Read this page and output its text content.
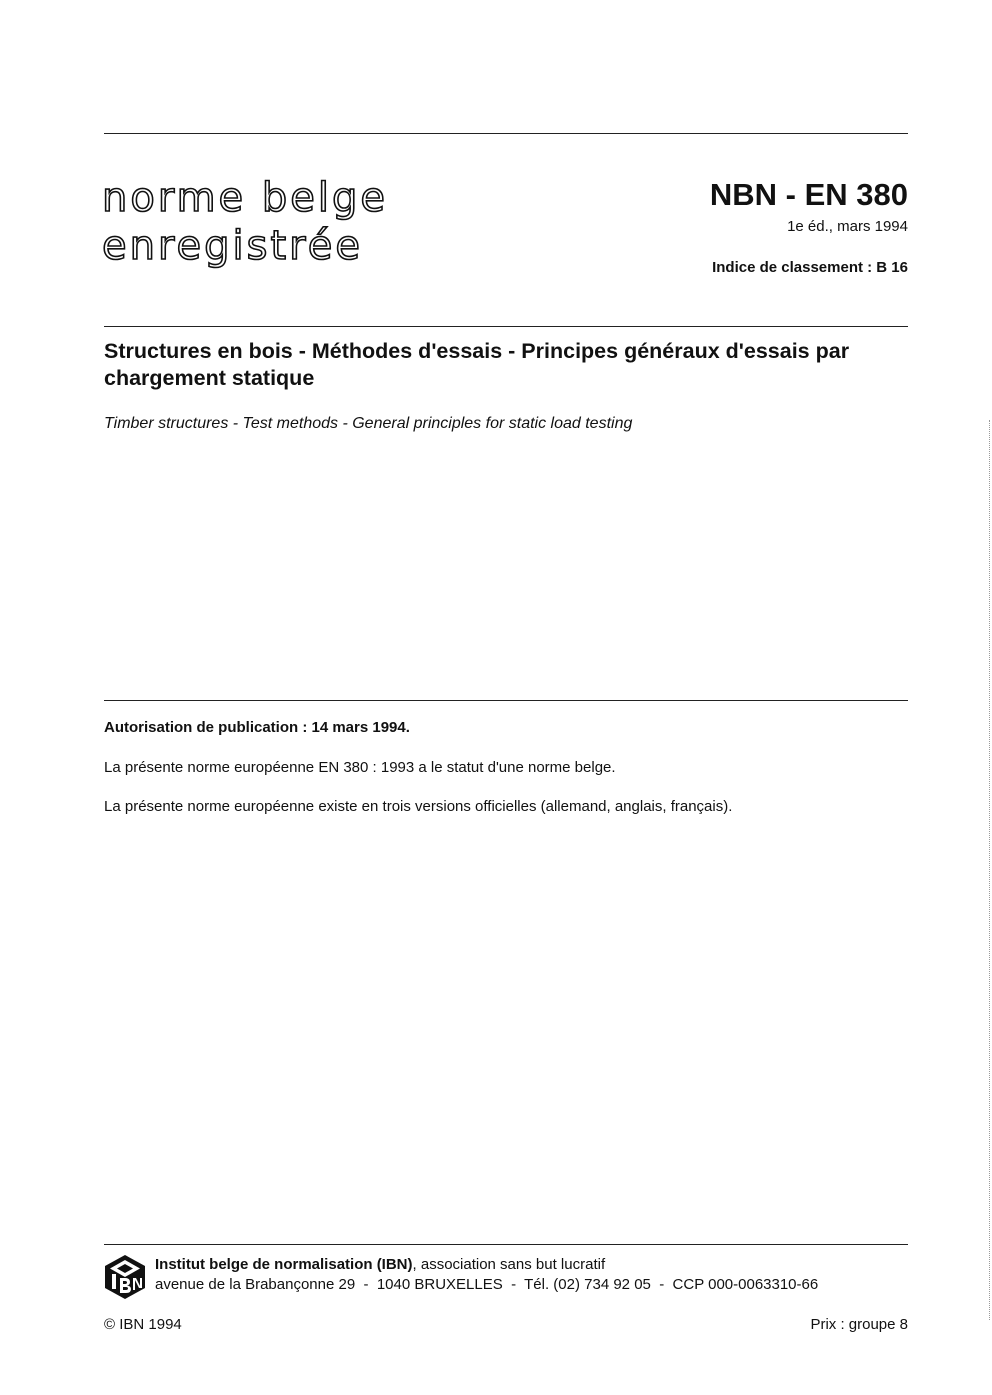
norme belge
enregistrée
NBN - EN 380
1e éd., mars 1994
Indice de classement : B 16
Structures en bois - Méthodes d'essais - Principes généraux d'essais par chargement statique
Timber structures - Test methods - General principles for static load testing
Autorisation de publication : 14 mars 1994.
La présente norme européenne EN 380 : 1993 a le statut d'une norme belge.
La présente norme européenne existe en trois versions officielles (allemand, anglais, français).
Institut belge de normalisation (IBN), association sans but lucratif
avenue de la Brabançonne 29  -  1040 BRUXELLES  -  Tél. (02) 734 92 05  -  CCP 000-0063310-66
© IBN 1994	Prix : groupe 8
